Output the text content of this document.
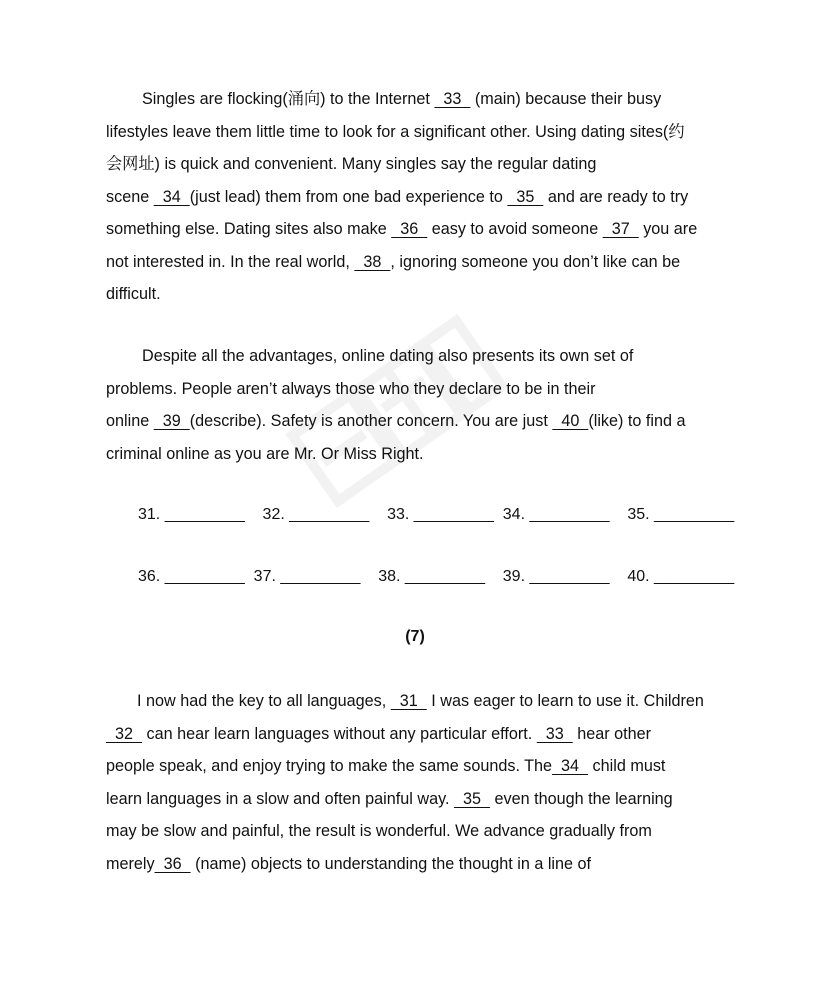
Singles are flocking(涌向) to the Internet   33   (main) because their busy
lifestyles leave them little time to look for a significant other. Using dating sites(约
会网址) is quick and convenient. Many singles say the regular dating
scene   34  (just lead) them from one bad experience to   35   and are ready to try
something else. Dating sites also make   36   easy to avoid someone   37   you are
not interested in. In the real world,   38  , ignoring someone you don’t like can be
difficult.
Despite all the advantages, online dating also presents its own set of
problems. People aren’t always those who they declare to be in their
online   39  (describe). Safety is another concern. You are just   40  (like) to find a
criminal online as you are Mr. Or Miss Right.
31. _________    32. _________    33. _________  34. _________    35. _________
36. _________  37. _________    38. _________    39. _________    40. _________
(7)
I now had the key to all languages,   31   I was eager to learn to use it. Children
32   can hear learn languages without any particular effort.   33   hear other
people speak, and enjoy trying to make the same sounds. The  34   child must
learn languages in a slow and often painful way.   35   even though the learning
may be slow and painful, the result is wonderful. We advance gradually from
merely  36   (name) objects to understanding the thought in a line of
